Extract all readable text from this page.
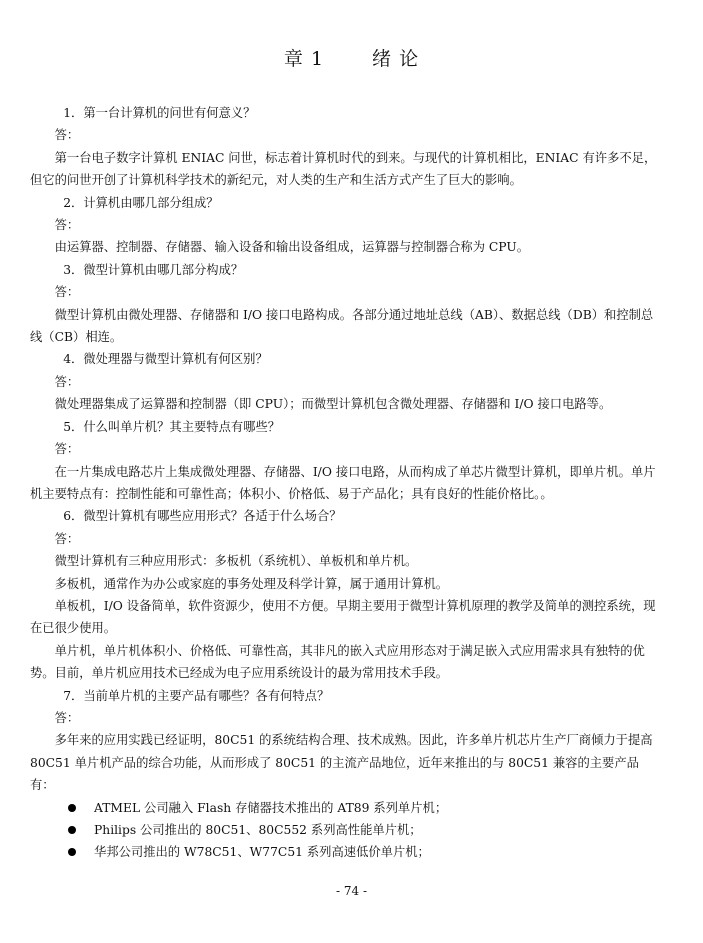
章 1	绪 论

1．第一台计算机的问世有何意义？

答：

第一台电子数字计算机 ENIAC 问世，标志着计算机时代的到来。与现代的计算机相比，ENIAC 有许多不足，但它的问世开创了计算机科学技术的新纪元，对人类的生产和生活方式产生了巨大的影响。

2．计算机由哪几部分组成？

答：

由运算器、控制器、存储器、输入设备和输出设备组成，运算器与控制器合称为 CPU。

3．微型计算机由哪几部分构成？

答：

微型计算机由微处理器、存储器和 I/O 接口电路构成。各部分通过地址总线（AB）、数据总线（DB）和控制总线（CB）相连。

4．微处理器与微型计算机有何区别？

答：

微处理器集成了运算器和控制器（即 CPU）；而微型计算机包含微处理器、存储器和 I/O 接口电路等。

5．什么叫单片机？其主要特点有哪些？

答：

在一片集成电路芯片上集成微处理器、存储器、I/O 接口电路，从而构成了单芯片微型计算机，即单片机。单片机主要特点有：控制性能和可靠性高；体积小、价格低、易于产品化；具有良好的性能价格比。。

6．微型计算机有哪些应用形式？各适于什么场合？

答：

微型计算机有三种应用形式：多板机（系统机）、单板机和单片机。

多板机，通常作为办公或家庭的事务处理及科学计算，属于通用计算机。

单板机，I/O 设备简单，软件资源少，使用不方便。早期主要用于微型计算机原理的教学及简单的测控系统，现在已很少使用。

单片机，单片机体积小、价格低、可靠性高，其非凡的嵌入式应用形态对于满足嵌入式应用需求具有独特的优势。目前，单片机应用技术已经成为电子应用系统设计的最为常用技术手段。

7．当前单片机的主要产品有哪些？各有何特点？

答：

多年来的应用实践已经证明，80C51 的系统结构合理、技术成熟。因此，许多单片机芯片生产厂商倾力于提高 80C51 单片机产品的综合功能，从而形成了 80C51 的主流产品地位，近年来推出的与 80C51 兼容的主要产品有：

ATMEL 公司融入 Flash 存储器技术推出的 AT89 系列单片机；
Philips 公司推出的 80C51、80C552 系列高性能单片机；
华邦公司推出的 W78C51、W77C51 系列高速低价单片机；
- 74 -
